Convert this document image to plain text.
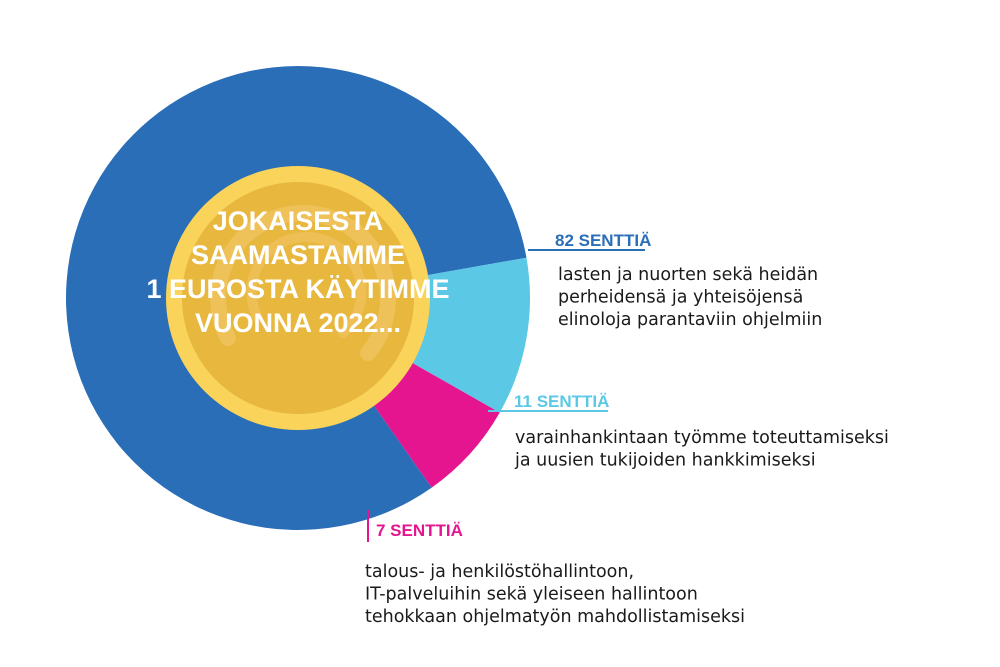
JOKAISESTA
SAAMASTAMME
1 EUROSTA KÄYTIMME
VUONNA 2022...
82 SENTTIÄ
lasten ja nuorten sekä heidän
perheidensä ja yhteisöjensä
elinoloja parantaviin ohjelmiin
11 SENTTIÄ
varainhankintaan työmme toteuttamiseksi
ja uusien tukijoiden hankkimiseksi
7 SENTTIÄ
talous- ja henkilöstöhallintoon,
IT-palveluihin sekä yleiseen hallintoon
tehokkaan ohjelmatyön mahdollistamiseksi
